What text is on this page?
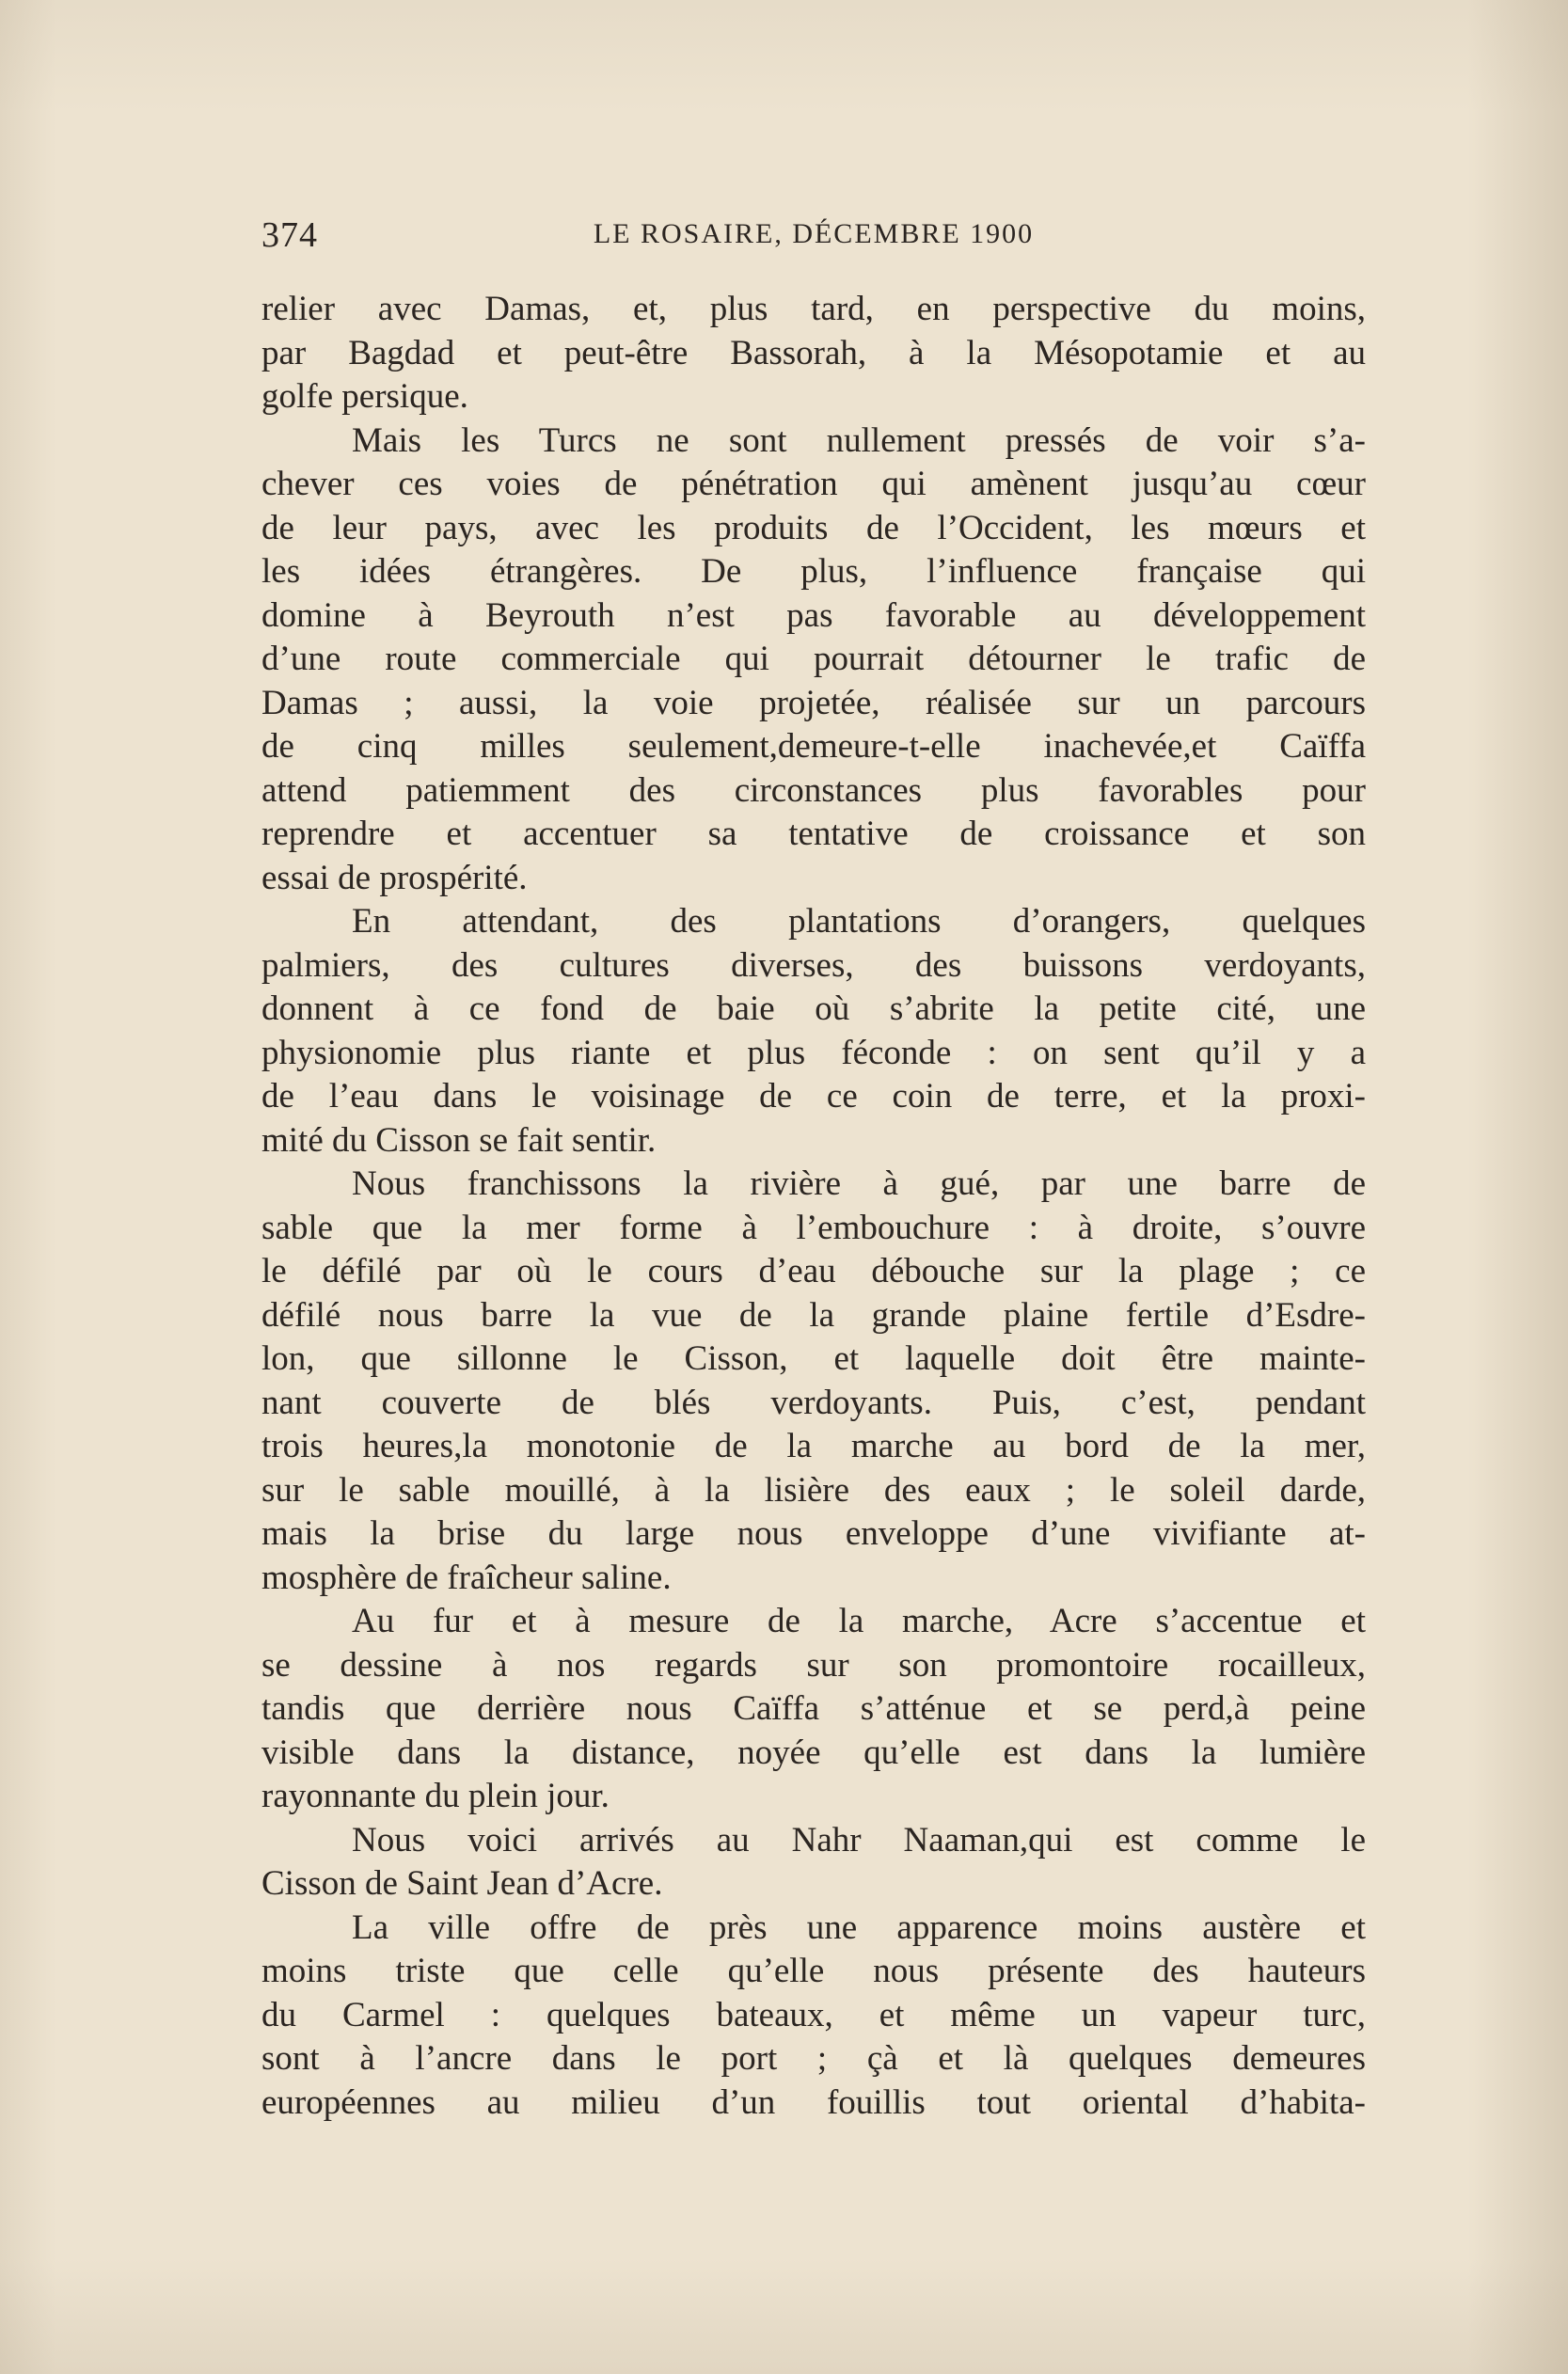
374	LE ROSAIRE, DÉCEMBRE 1900
relier avec Damas, et, plus tard, en perspective du moins,
par Bagdad et peut-être Bassorah, à la Mésopotamie et au
golfe persique.
Mais les Turcs ne sont nullement pressés de voir s’a-
chever ces voies de pénétration qui amènent jusqu’au cœur
de leur pays, avec les produits de l’Occident, les mœurs et
les idées étrangères. De plus, l’influence française qui
domine à Beyrouth n’est pas favorable au développement
d’une route commerciale qui pourrait détourner le trafic de
Damas ; aussi, la voie projetée, réalisée sur un parcours
de cinq milles seulement,demeure-t-elle inachevée,et Caïffa
attend patiemment des circonstances plus favorables pour
reprendre et accentuer sa tentative de croissance et son
essai de prospérité.
En attendant, des plantations d’orangers, quelques
palmiers, des cultures diverses, des buissons verdoyants,
donnent à ce fond de baie où s’abrite la petite cité, une
physionomie plus riante et plus féconde : on sent qu’il y a
de l’eau dans le voisinage de ce coin de terre, et la proxi-
mité du Cisson se fait sentir.
Nous franchissons la rivière à gué, par une barre de
sable que la mer forme à l’embouchure : à droite, s’ouvre
le défilé par où le cours d’eau débouche sur la plage ; ce
défilé nous barre la vue de la grande plaine fertile d’Esdre-
lon, que sillonne le Cisson, et laquelle doit être mainte-
nant couverte de blés verdoyants. Puis, c’est, pendant
trois heures,la monotonie de la marche au bord de la mer,
sur le sable mouillé, à la lisière des eaux ; le soleil darde,
mais la brise du large nous enveloppe d’une vivifiante at-
mosphère de fraîcheur saline.
Au fur et à mesure de la marche, Acre s’accentue et
se dessine à nos regards sur son promontoire rocailleux,
tandis que derrière nous Caïffa s’atténue et se perd,à peine
visible dans la distance, noyée qu’elle est dans la lumière
rayonnante du plein jour.
Nous voici arrivés au Nahr Naaman,qui est comme le
Cisson de Saint Jean d’Acre.
La ville offre de près une apparence moins austère et
moins triste que celle qu’elle nous présente des hauteurs
du Carmel : quelques bateaux, et même un vapeur turc,
sont à l’ancre dans le port ; çà et là quelques demeures
européennes au milieu d’un fouillis tout oriental d’habita-
